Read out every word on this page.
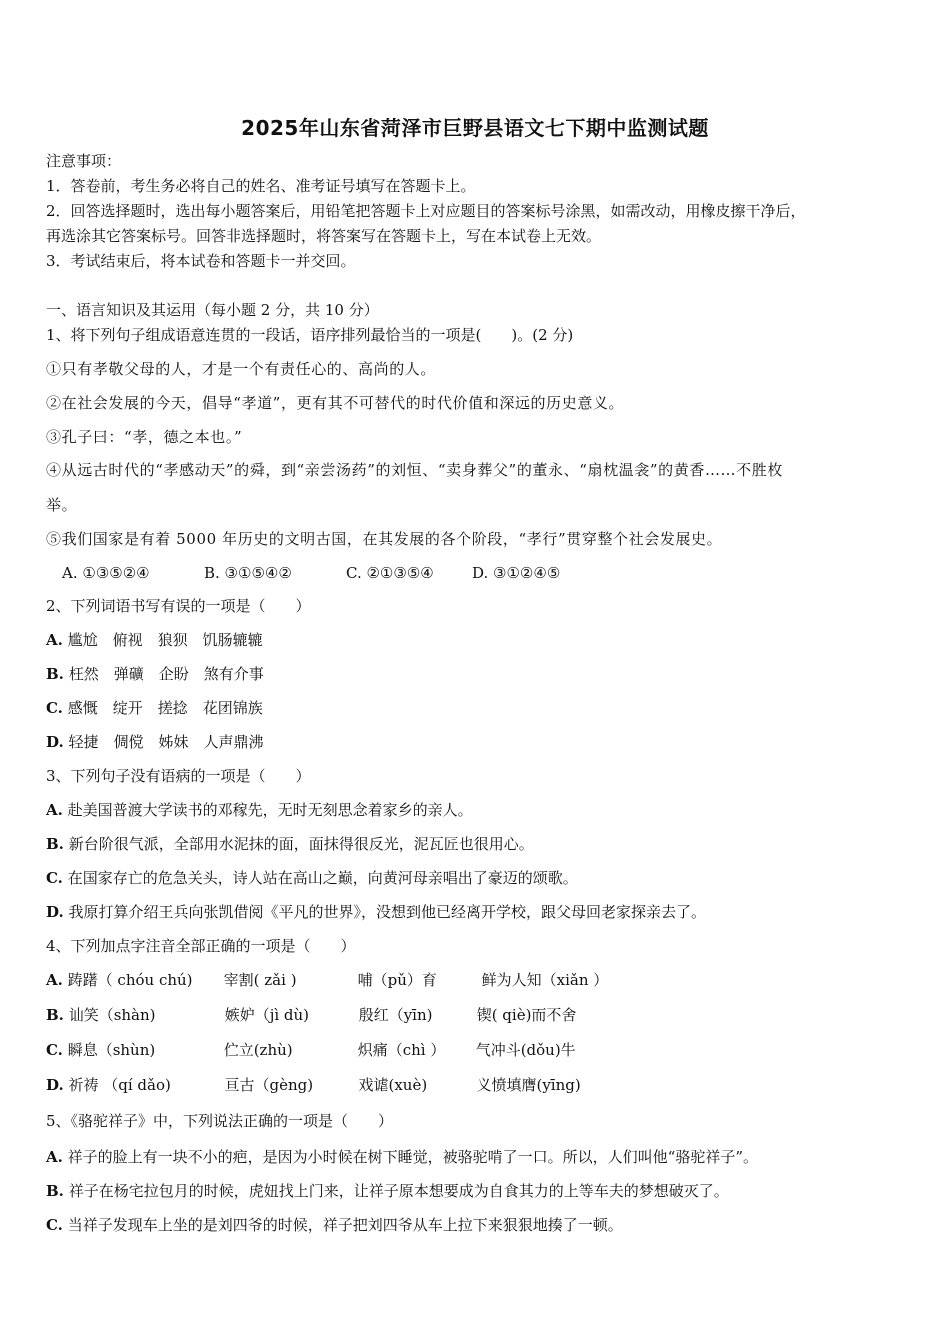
2025年山东省菏泽市巨野县语文七下期中监测试题
注意事项：
1．答卷前，考生务必将自己的姓名、准考证号填写在答题卡上。
2．回答选择题时，选出每小题答案后，用铅笔把答题卡上对应题目的答案标号涂黑，如需改动，用橡皮擦干净后，
再选涂其它答案标号。回答非选择题时，将答案写在答题卡上，写在本试卷上无效。
3．考试结束后，将本试卷和答题卡一并交回。
一、语言知识及其运用（每小题 2 分，共 10 分）
1、将下列句子组成语意连贯的一段话，语序排列最恰当的一项是(　　)。(2 分)
①只有孝敬父母的人，才是一个有责任心的、高尚的人。
②在社会发展的今天，倡导“孝道”，更有其不可替代的时代价值和深远的历史意义。
③孔子曰：“孝，德之本也。”
④从远古时代的“孝感动天”的舜，到“亲尝汤药”的刘恒、“卖身葬父”的董永、“扇枕温衾”的黄香……不胜枚
举。
⑤我们国家是有着 5000 年历史的文明古国，在其发展的各个阶段，“孝行”贯穿整个社会发展史。
A. ①③⑤②④	B. ③①⑤④②	C. ②①③⑤④	D. ③①②④⑤
2、下列词语书写有误的一项是（　　）
A. 尴尬　俯视　狼狈　饥肠辘辘
B. 枉然　弹礦　企盼　煞有介事
C. 感慨　绽开　搓捻　花团锦族
D. 轻捷　倜傥　姊妹　人声鼎沸
3、下列句子没有语病的一项是（　　）
A. 赴美国普渡大学读书的邓稼先，无时无刻思念着家乡的亲人。
B. 新台阶很气派，全部用水泥抹的面，面抹得很反光，泥瓦匠也很用心。
C. 在国家存亡的危急关头，诗人站在高山之巅，向黄河母亲唱出了豪迈的颂歌。
D. 我原打算介绍王兵向张凯借阅《平凡的世界》，没想到他已经离开学校，跟父母回老家探亲去了。
4、下列加点字注音全部正确的一项是（　　）
A. 踌躇（ chóu chú) 宰割( zǎi )	哺（pǔ）育	鲜为人知（xiǎn ）
B. 讪笑（shàn)	嫉妒（jì dù)	殷红（yīn)	锲( qiè)而不舍
C. 瞬息（shùn)	伫立(zhù)	炽痛（chì ） 气冲斗(dǒu)牛
D. 祈祷 （qí dǎo)	亘古（gèng)	戏谑(xuè)	义愤填膺(yīng)
5、《骆驼祥子》中，下列说法正确的一项是（　　）
A. 祥子的脸上有一块不小的疤，是因为小时候在树下睡觉，被骆驼啃了一口。所以，人们叫他“骆驼祥子”。
B. 祥子在杨宅拉包月的时候，虎妞找上门来，让祥子原本想要成为自食其力的上等车夫的梦想破灭了。
C. 当祥子发现车上坐的是刘四爷的时候，祥子把刘四爷从车上拉下来狠狠地揍了一顿。
